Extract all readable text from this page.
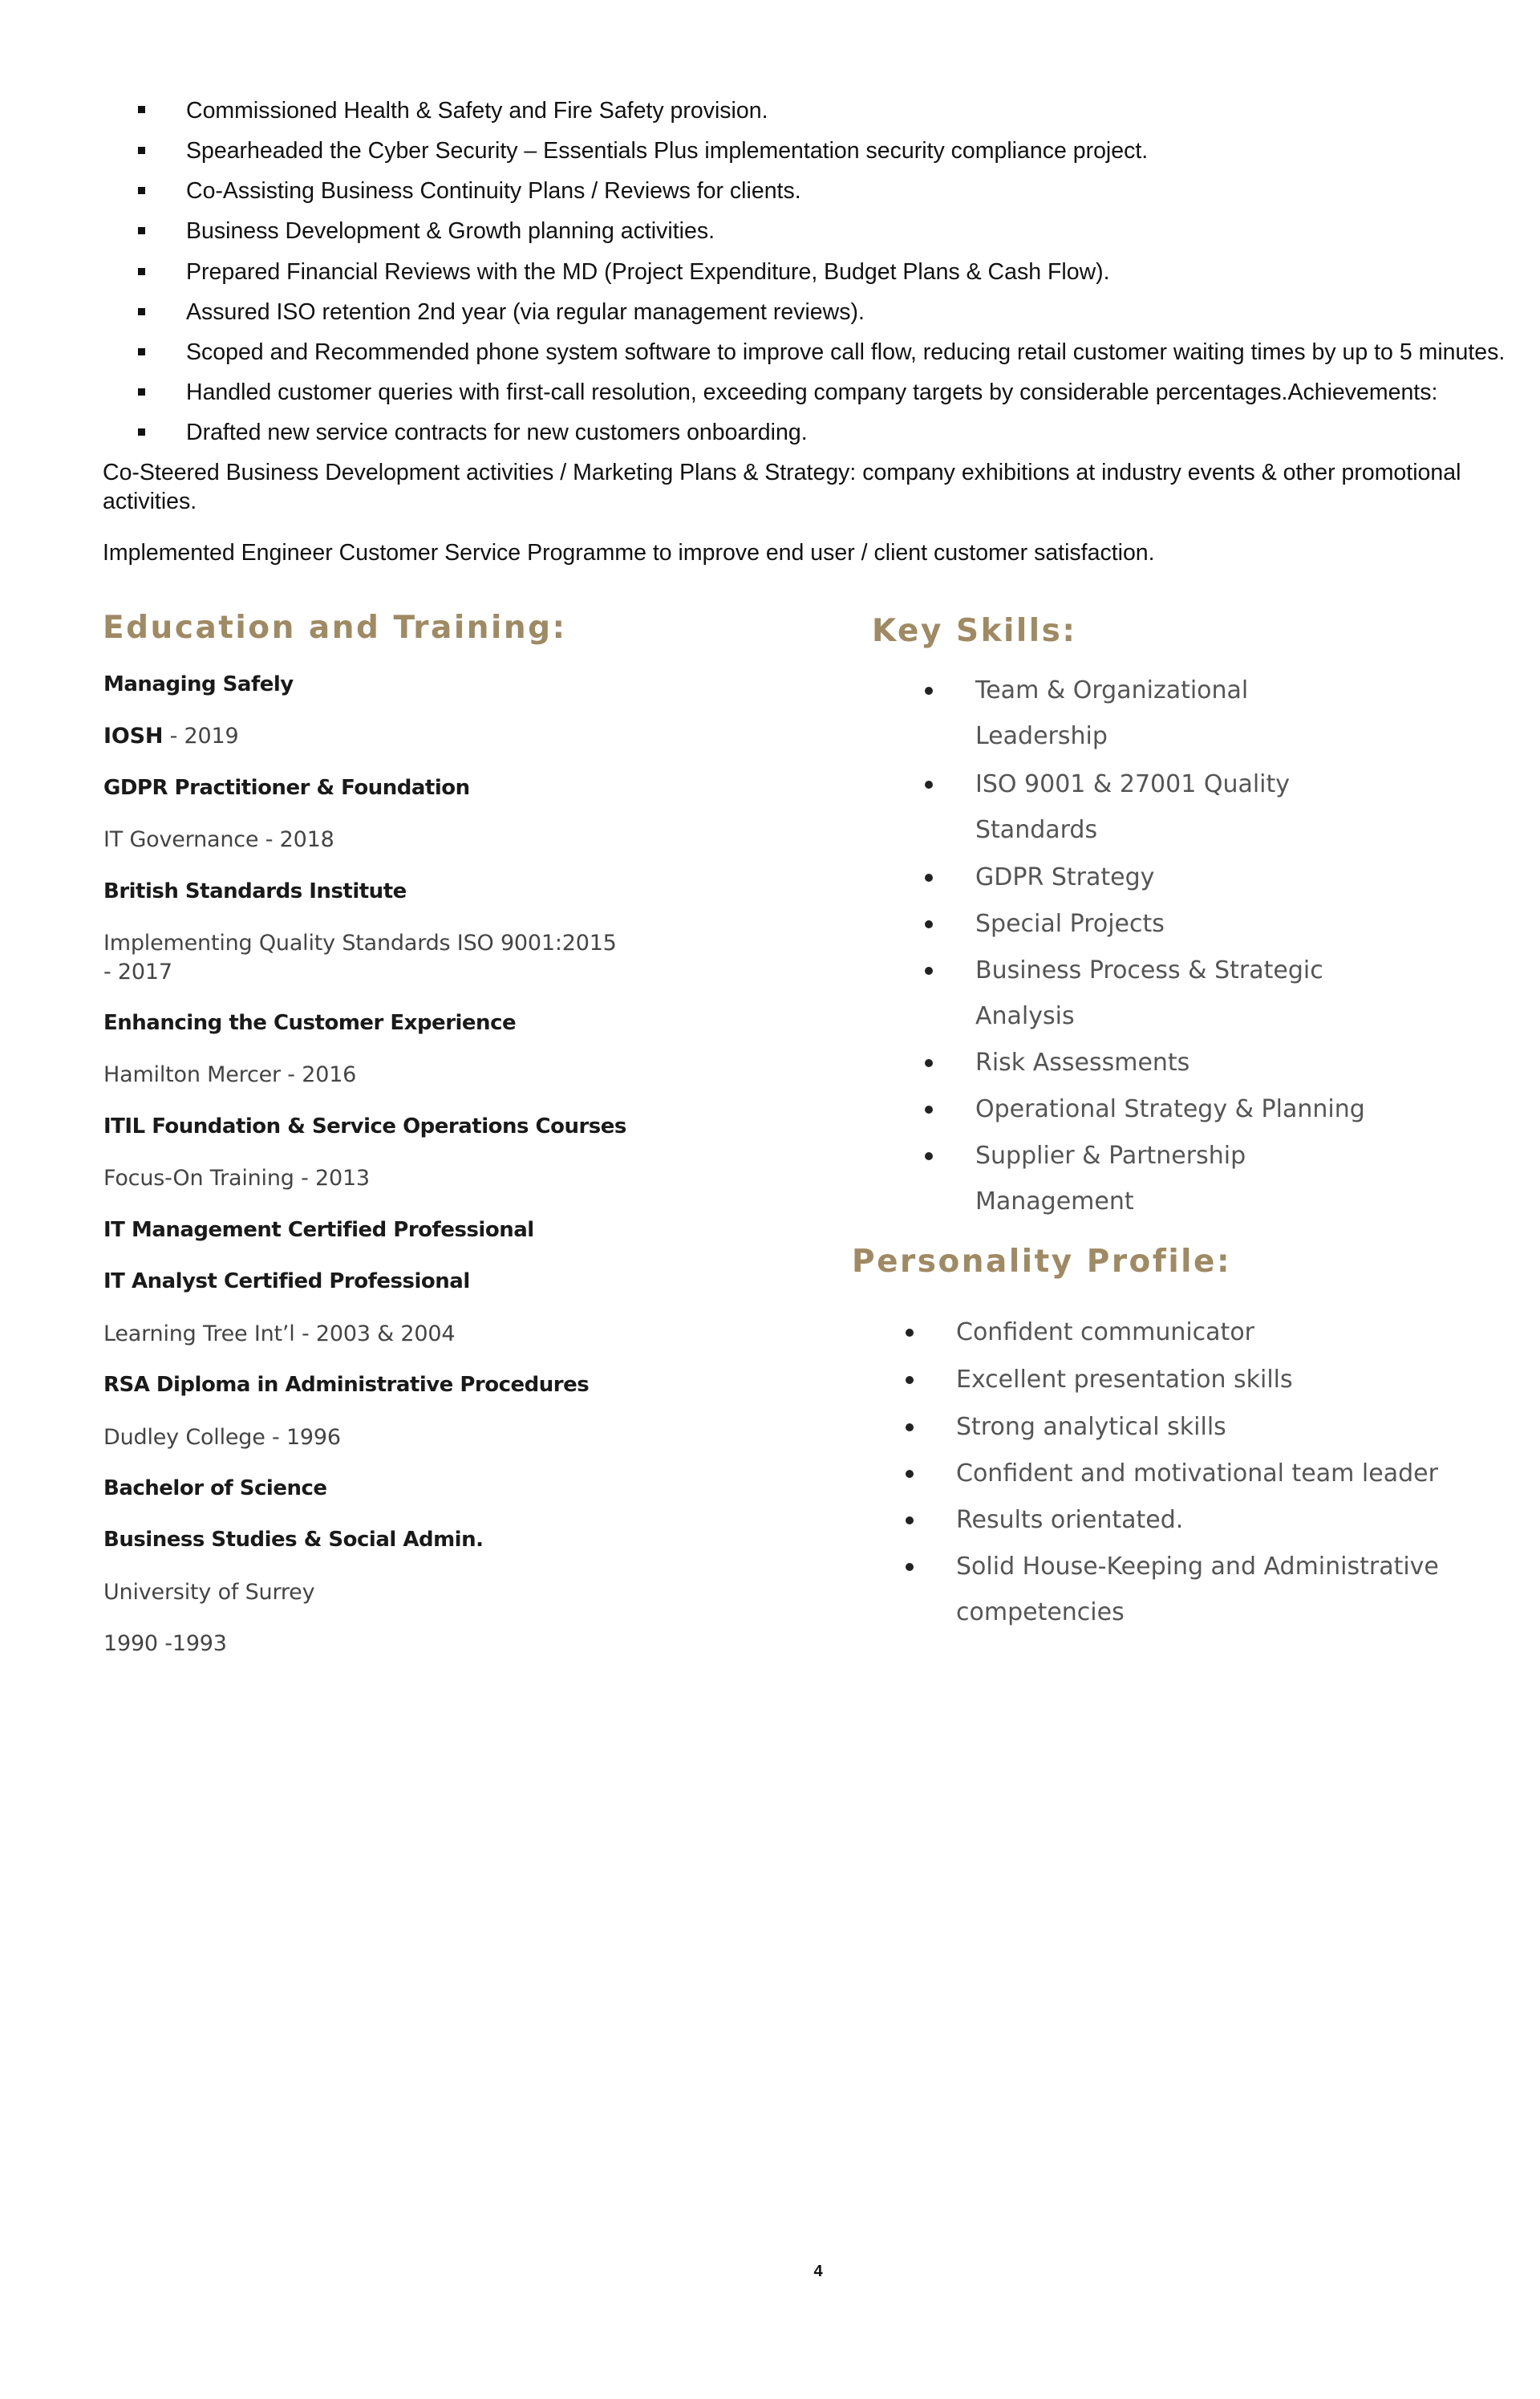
Commissioned Health & Safety and Fire Safety provision.
Spearheaded the Cyber Security – Essentials Plus implementation security compliance project.
Co-Assisting Business Continuity Plans / Reviews for clients.
Business Development & Growth planning activities.
Prepared Financial Reviews with the MD (Project Expenditure, Budget Plans & Cash Flow).
Assured ISO retention 2nd year (via regular management reviews).
Scoped and Recommended phone system software to improve call flow, reducing retail customer waiting times by up to 5 minutes.
Handled customer queries with first-call resolution, exceeding company targets by considerable percentages.Achievements:
Drafted new service contracts for new customers onboarding.
Co-Steered Business Development activities / Marketing Plans & Strategy: company exhibitions at industry events & other promotional activities.
Implemented Engineer Customer Service Programme to improve end user / client customer satisfaction.
Education and Training:
Managing Safely
IOSH - 2019
GDPR Practitioner & Foundation
IT Governance - 2018
British Standards Institute
Implementing Quality Standards ISO 9001:2015
- 2017
Enhancing the Customer Experience
Hamilton Mercer - 2016
ITIL Foundation & Service Operations Courses
Focus-On Training - 2013
IT Management Certified Professional
IT Analyst Certified Professional
Learning Tree Int’l - 2003 & 2004
RSA Diploma in Administrative Procedures
Dudley College - 1996
Bachelor of Science
Business Studies & Social Admin.
University of Surrey
1990 -1993
Key Skills:
Team & Organizational
Leadership
ISO 9001 & 27001 Quality
Standards
GDPR Strategy
Special Projects
Business Process & Strategic
Analysis
Risk Assessments
Operational Strategy & Planning
Supplier & Partnership
Management
Personality Profile:
Confident communicator
Excellent presentation skills
Strong analytical skills
Confident and motivational team leader
Results orientated.
Solid House-Keeping and Administrative
competencies
4
